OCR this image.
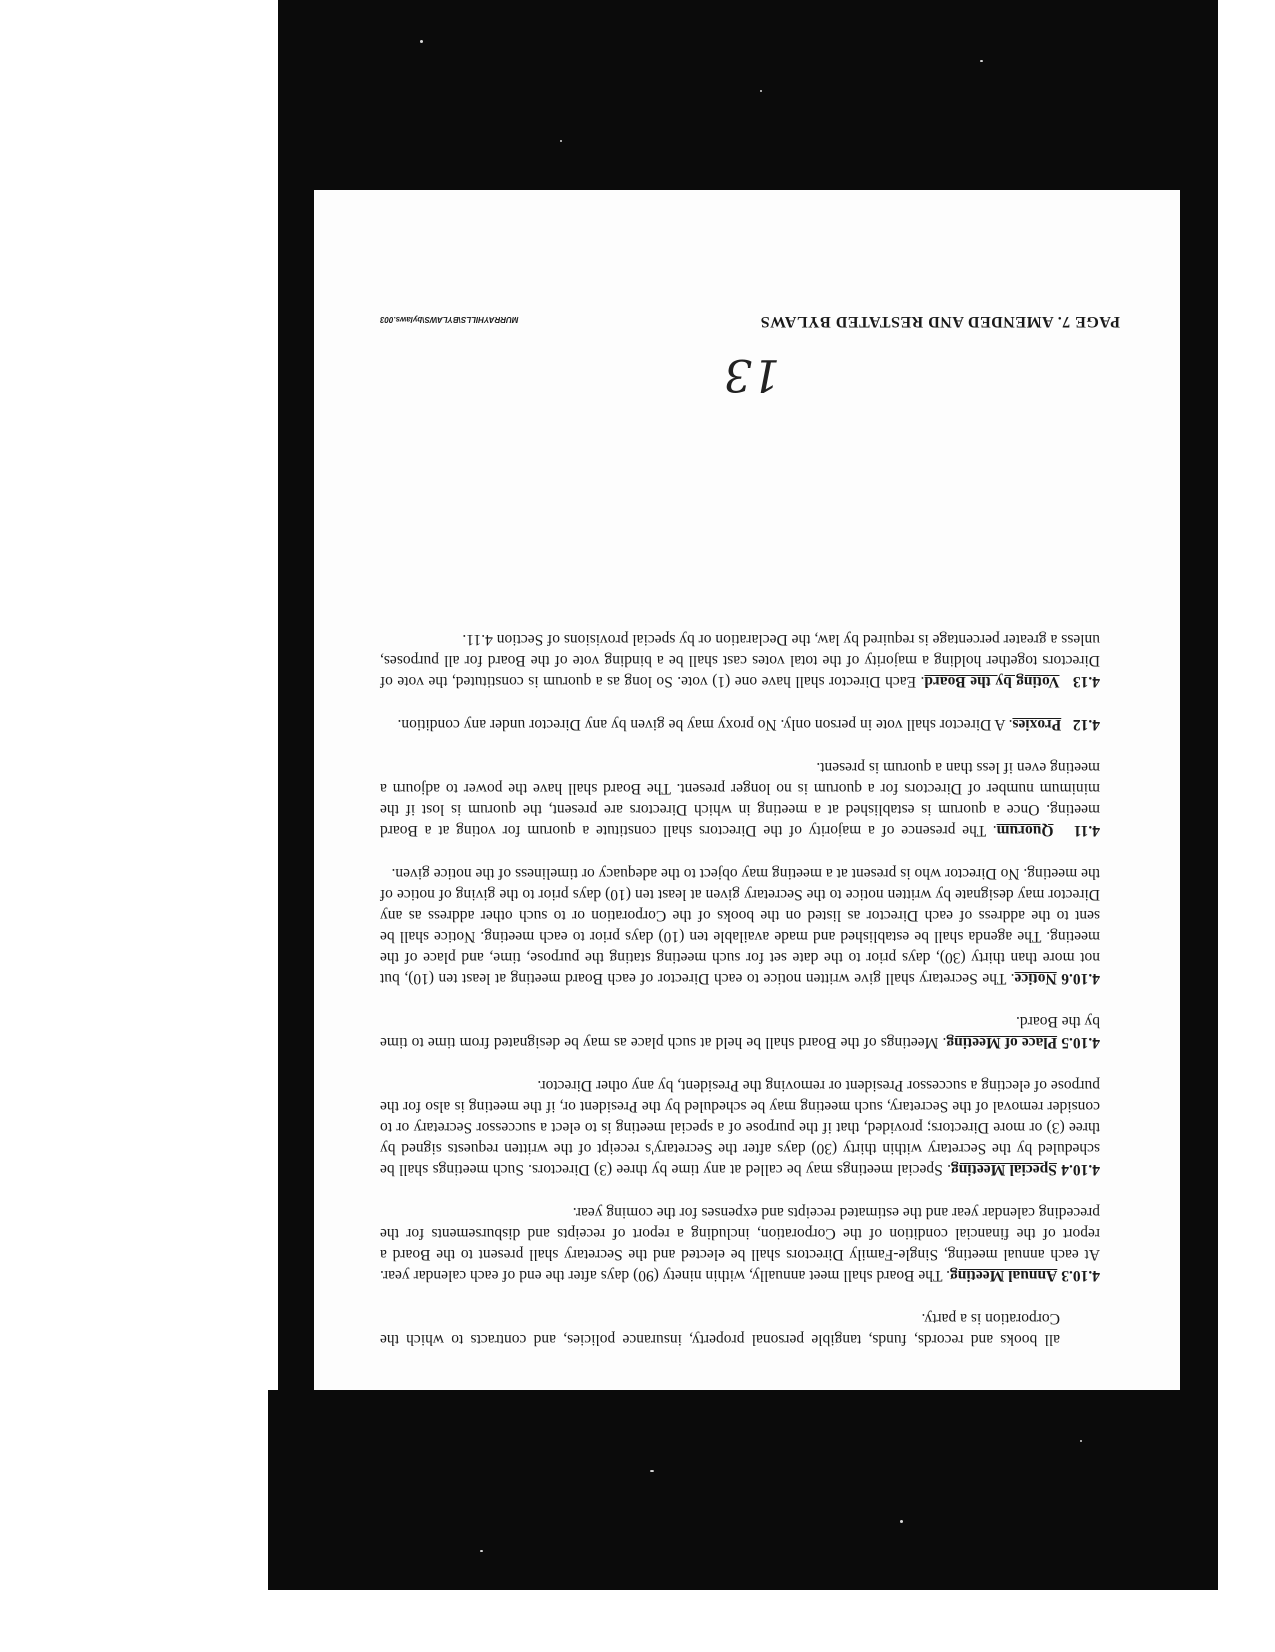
all books and records, funds, tangible personal property, insurance policies, and contracts to which the Corporation is a party.

4.10.3 Annual Meeting. The Board shall meet annually, within ninety (90) days after the end of each calendar year. At each annual meeting, Single-Family Directors shall be elected and the Secretary shall present to the Board a report of the financial condition of the Corporation, including a report of receipts and disbursements for the preceding calendar year and the estimated receipts and expenses for the coming year.

4.10.4 Special Meeting. Special meetings may be called at any time by three (3) Directors. Such meetings shall be scheduled by the Secretary within thirty (30) days after the Secretary's receipt of the written requests signed by three (3) or more Directors; provided, that if the purpose of a special meeting is to elect a successor Secretary or to consider removal of the Secretary, such meeting may be scheduled by the President or, if the meeting is also for the purpose of electing a successor President or removing the President, by any other Director.

4.10.5 Place of Meeting. Meetings of the Board shall be held at such place as may be designated from time to time by the Board.

4.10.6 Notice. The Secretary shall give written notice to each Director of each Board meeting at least ten (10), but not more than thirty (30), days prior to the date set for such meeting stating the purpose, time, and place of the meeting. The agenda shall be established and made available ten (10) days prior to each meeting. Notice shall be sent to the address of each Director as listed on the books of the Corporation or to such other address as any Director may designate by written notice to the Secretary given at least ten (10) days prior to the giving of notice of the meeting. No Director who is present at a meeting may object to the adequacy or timeliness of the notice given.

4.11   Quorum. The presence of a majority of the Directors shall constitute a quorum for voting at a Board meeting. Once a quorum is established at a meeting in which Directors are present, the quorum is lost if the minimum number of Directors for a quorum is no longer present. The Board shall have the power to adjourn a meeting even if less than a quorum is present.

4.12   Proxies. A Director shall vote in person only. No proxy may be given by any Director under any condition.

4.13   Voting by the Board. Each Director shall have one (1) vote. So long as a quorum is constituted, the vote of Directors together holding a majority of the total votes cast shall be a binding vote of the Board for all purposes, unless a greater percentage is required by law, the Declaration or by special provisions of Section 4.11.

13
PAGE 7. AMENDED AND RESTATED BYLAWS
MURRAYHILLS\BYLAWS\bylaws.003
